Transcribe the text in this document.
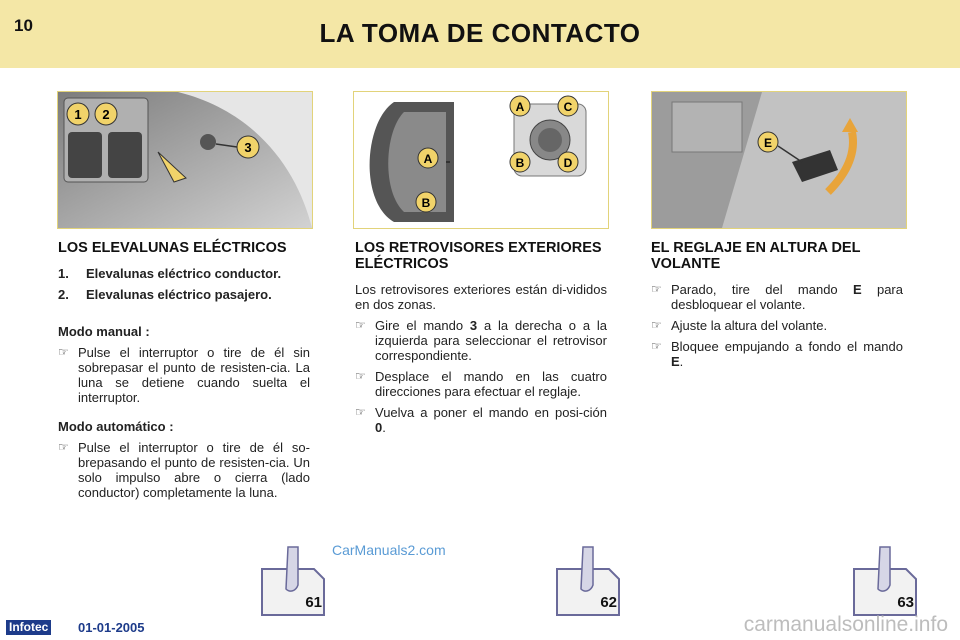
10	LA TOMA DE CONTACTO
1 2
3
A	C
B	D
A
B
E
LOS ELEVALUNAS ELÉCTRICOS
1. Elevalunas eléctrico conductor.
2. Elevalunas eléctrico pasajero.
Modo manual :
☞ Pulse el interruptor o tire de él sin sobrepasar el punto de resisten-cia. La luna se detiene cuando suelta el interruptor.
Modo automático :
☞ Pulse el interruptor o tire de él so-brepasando el punto de resisten-cia. Un solo impulso abre o cierra (lado conductor) completamente la luna.
LOS RETROVISORES EXTERIORES ELÉCTRICOS
Los retrovisores exteriores están di-vididos en dos zonas.
☞ Gire el mando 3 a la derecha o a la izquierda para seleccionar el retrovisor correspondiente.
☞ Desplace el mando en las cuatro direcciones para efectuar el reglaje.
☞ Vuelva a poner el mando en posi-ción 0.
EL REGLAJE EN ALTURA DEL VOLANTE
☞ Parado, tire del mando E para desbloquear el volante.
☞ Ajuste la altura del volante.
☞ Bloquee empujando a fondo el mando E.
61	62	63
CarManuals2.com
carmanualsonline.info
Infotec 01-01-2005
